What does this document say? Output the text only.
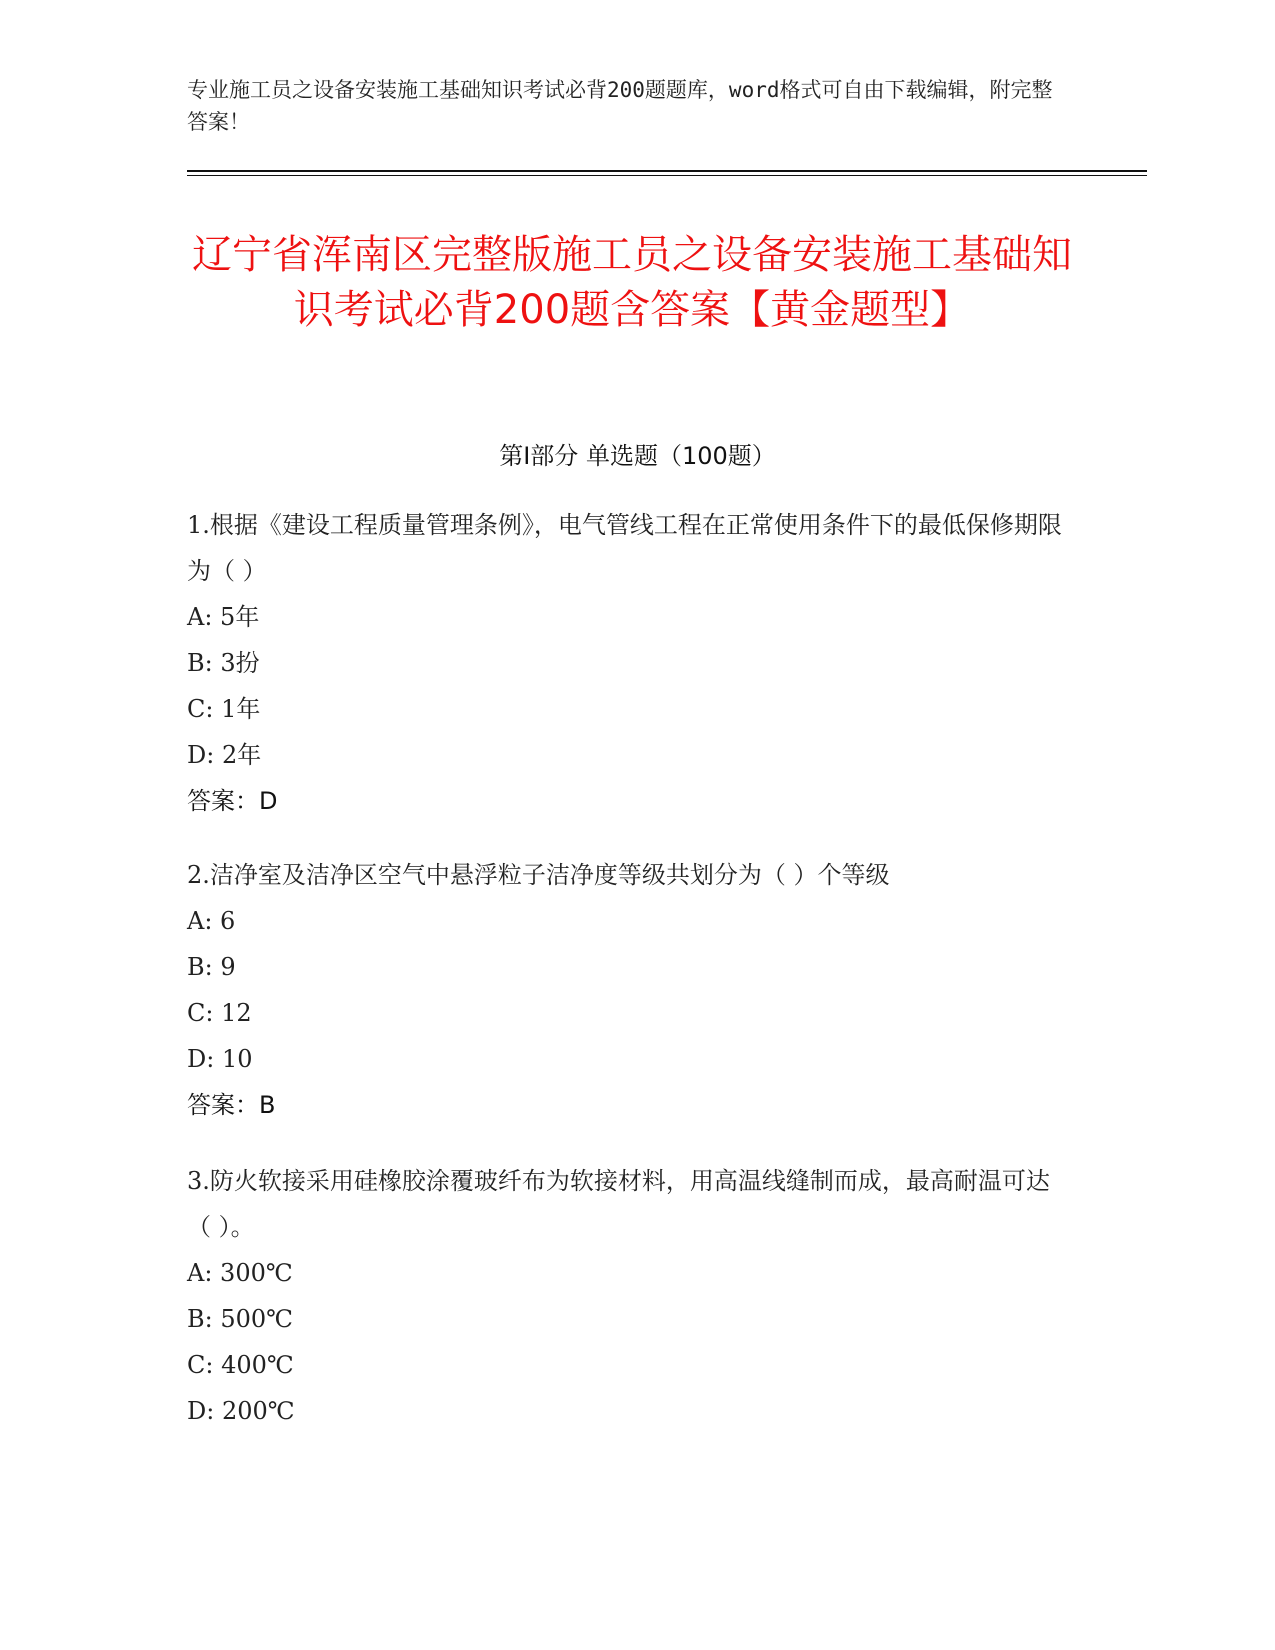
专业施工员之设备安装施工基础知识考试必背200题题库，word格式可自由下载编辑，附完整答案！
辽宁省浑南区完整版施工员之设备安装施工基础知识考试必背200题含答案【黄金题型】
第I部分 单选题（100题）

1.根据《建设工程质量管理条例》，电气管线工程在正常使用条件下的最低保修期限为（ ）

A: 5年

B: 3扮

C: 1年

D: 2年

答案：D

2.洁净室及洁净区空气中悬浮粒子洁净度等级共划分为（ ）个等级

A: 6

B: 9

C: 12

D: 10

答案：B

3.防火软接采用硅橡胶涂覆玻纤布为软接材料，用高温线缝制而成，最高耐温可达（ ）。

A: 300℃

B: 500℃

C: 400℃

D: 200℃
